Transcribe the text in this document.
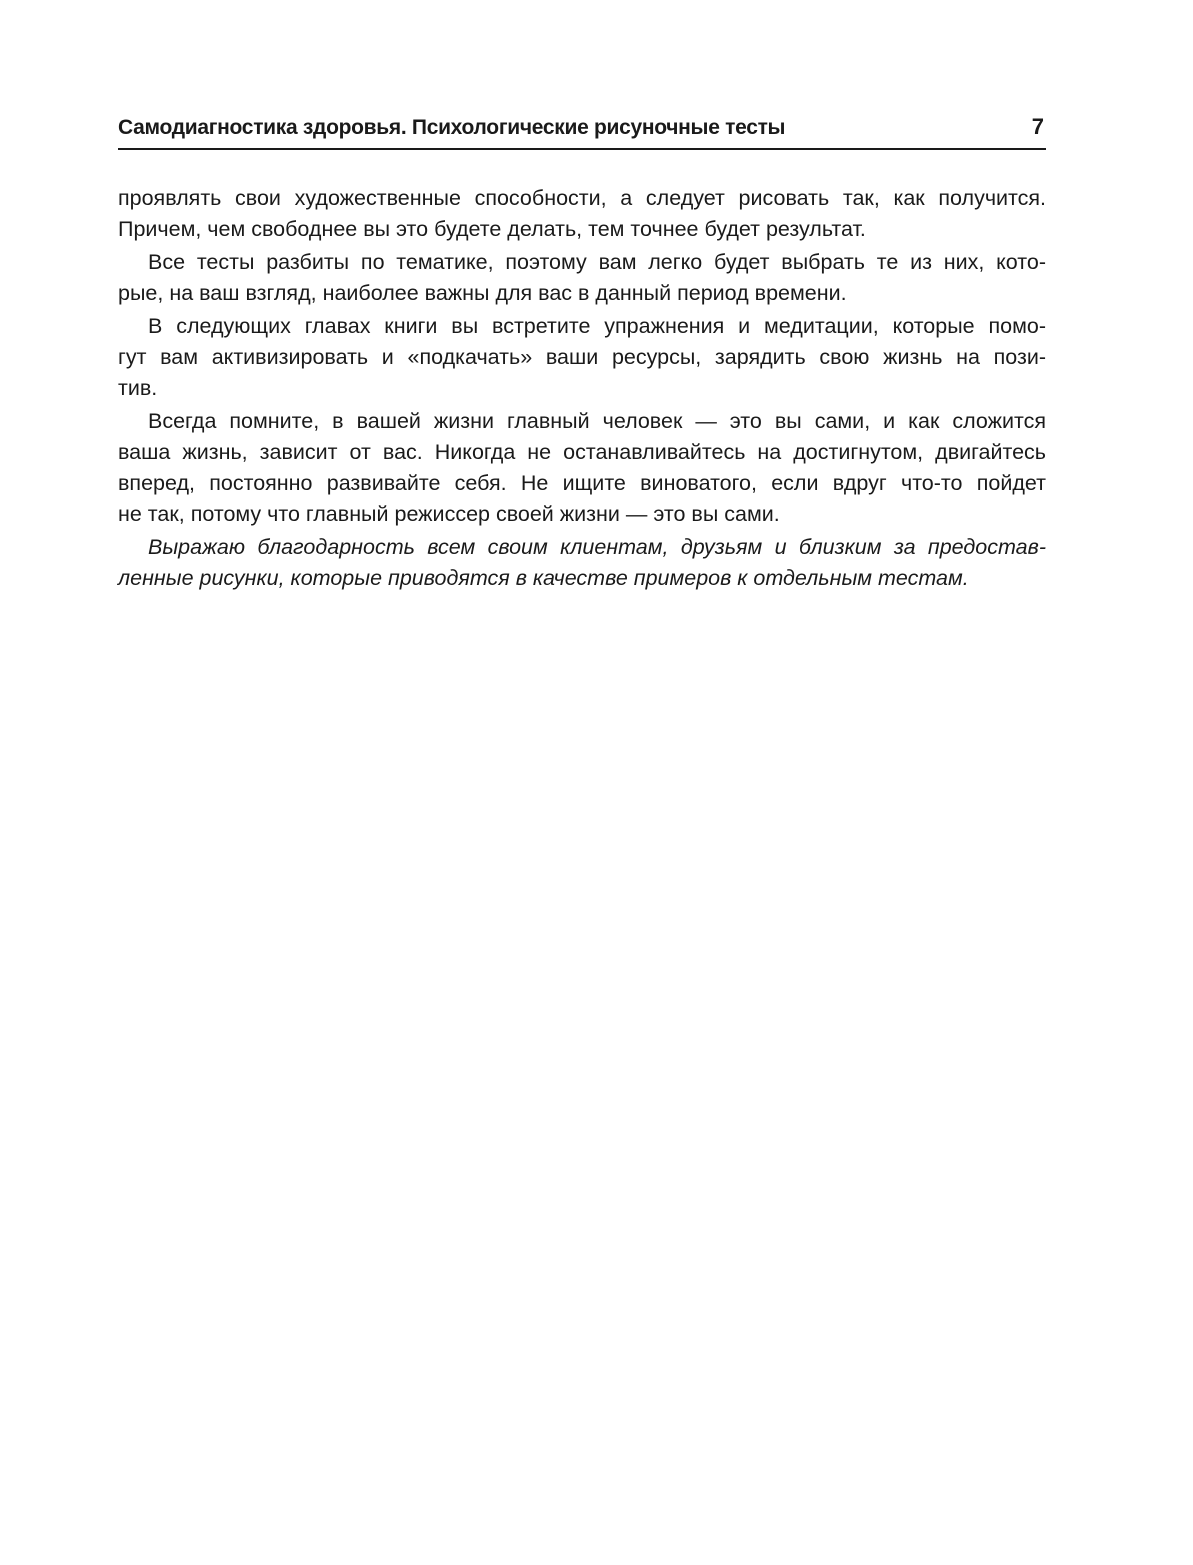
Самодиагностика здоровья. Психологические рисуночные тесты	7
проявлять свои художественные способности, а следует рисовать так, как получится.
Причем, чем свободнее вы это будете делать, тем точнее будет результат.
Все тесты разбиты по тематике, поэтому вам легко будет выбрать те из них, кото-
рые, на ваш взгляд, наиболее важны для вас в данный период времени.
В следующих главах книги вы встретите упражнения и медитации, которые помо-
гут вам активизировать и «подкачать» ваши ресурсы, зарядить свою жизнь на пози-
тив.
Всегда помните, в вашей жизни главный человек — это вы сами, и как сложится
ваша жизнь, зависит от вас. Никогда не останавливайтесь на достигнутом, двигайтесь
вперед, постоянно развивайте себя. Не ищите виноватого, если вдруг что-то пойдет
не так, потому что главный режиссер своей жизни — это вы сами.
Выражаю благодарность всем своим клиентам, друзьям и близким за предостав-
ленные рисунки, которые приводятся в качестве примеров к отдельным тестам.
